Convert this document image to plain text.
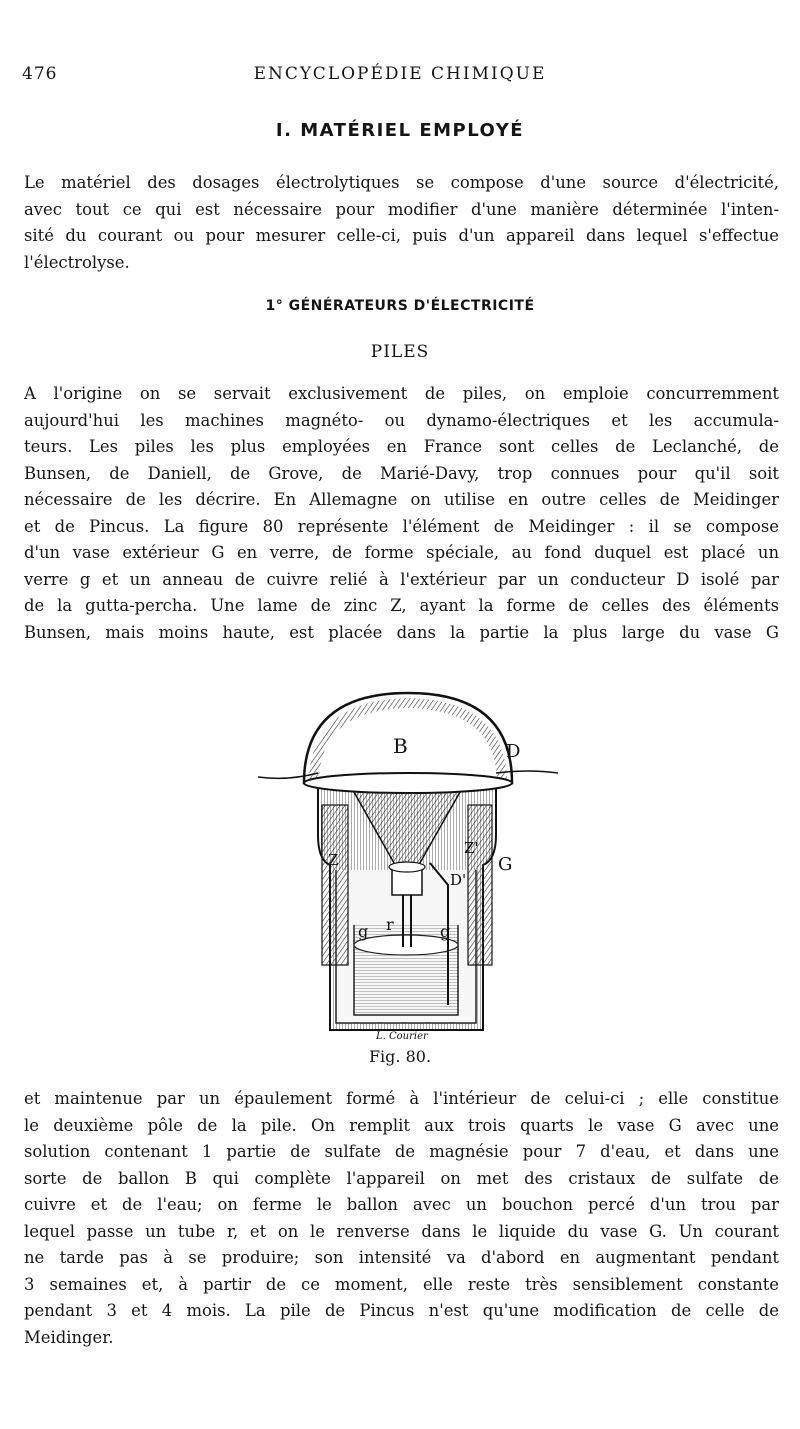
476	ENCYCLOPÉDIE CHIMIQUE
I. MATÉRIEL EMPLOYÉ
Le matériel des dosages électrolytiques se compose d'une source d'électricité,
avec tout ce qui est nécessaire pour modifier d'une manière déterminée l'inten-
sité du courant ou pour mesurer celle-ci, puis d'un appareil dans lequel s'effectue
l'électrolyse.
1° GÉNÉRATEURS D'ÉLECTRICITÉ
PILES
A l'origine on se servait exclusivement de piles, on emploie concurremment
aujourd'hui les machines magnéto- ou dynamo-électriques et les accumula-
teurs. Les piles les plus employées en France sont celles de Leclanché, de
Bunsen, de Daniell, de Grove, de Marié-Davy, trop connues pour qu'il soit
nécessaire de les décrire. En Allemagne on utilise en outre celles de Meidinger
et de Pincus. La figure 80 représente l'élément de Meidinger : il se compose
d'un vase extérieur G en verre, de forme spéciale, au fond duquel est placé un
verre g et un anneau de cuivre relié à l'extérieur par un conducteur D isolé par
de la gutta-percha. Une lame de zinc Z, ayant la forme de celles des éléments
Bunsen, mais moins haute, est placée dans la partie la plus large du vase G
B	D
G
Z
Z'
D'
r
g	g
L. Courier
Fig. 80.
et maintenue par un épaulement formé à l'intérieur de celui-ci ; elle constitue
le deuxième pôle de la pile. On remplit aux trois quarts le vase G avec une
solution contenant 1 partie de sulfate de magnésie pour 7 d'eau, et dans une
sorte de ballon B qui complète l'appareil on met des cristaux de sulfate de
cuivre et de l'eau; on ferme le ballon avec un bouchon percé d'un trou par
lequel passe un tube r, et on le renverse dans le liquide du vase G. Un courant
ne tarde pas à se produire; son intensité va d'abord en augmentant pendant
3 semaines et, à partir de ce moment, elle reste très sensiblement constante
pendant 3 et 4 mois. La pile de Pincus n'est qu'une modification de celle de
Meidinger.
